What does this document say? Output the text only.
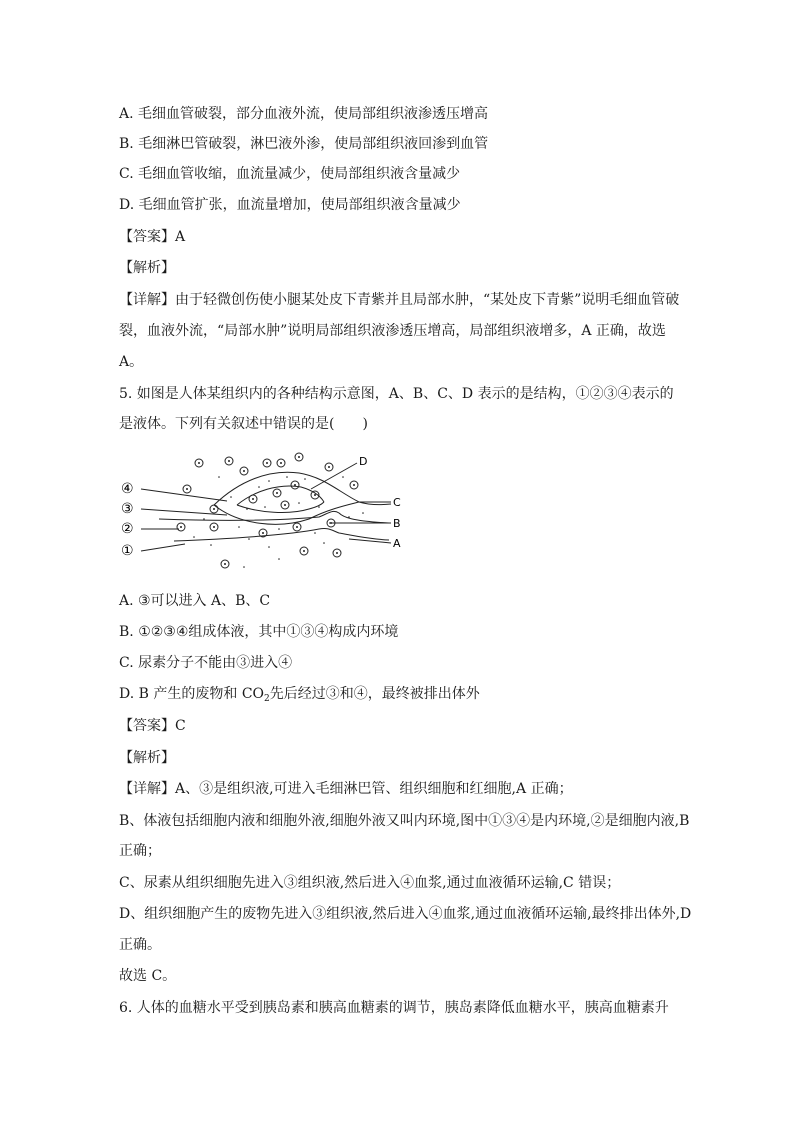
A. 毛细血管破裂，部分血液外流，使局部组织液渗透压增高
B. 毛细淋巴管破裂，淋巴液外渗，使局部组织液回渗到血管
C. 毛细血管收缩，血流量减少，使局部组织液含量减少
D. 毛细血管扩张，血流量增加，使局部组织液含量减少
【答案】A
【解析】
【详解】由于轻微创伤使小腿某处皮下青紫并且局部水肿，“某处皮下青紫”说明毛细血管破
裂，血液外流，“局部水肿”说明局部组织液渗透压增高，局部组织液增多，A 正确，故选
A。
5. 如图是人体某组织内的各种结构示意图，A、B、C、D 表示的是结构，①②③④表示的
是液体。下列有关叙述中错误的是(　　)
④
③
②
①
D
C
B
A
A. ③可以进入 A、B、C
B. ①②③④组成体液，其中①③④构成内环境
C. 尿素分子不能由③进入④
D. B 产生的废物和 $CO_2$先后经过③和④，最终被排出体外
【答案】C
【解析】
【详解】A、③是组织液,可进入毛细淋巴管、组织细胞和红细胞,A 正确；
B、体液包括细胞内液和细胞外液,细胞外液又叫内环境,图中①③④是内环境,②是细胞内液,B
正确；
C、尿素从组织细胞先进入③组织液,然后进入④血浆,通过血液循环运输,C 错误；
D、组织细胞产生的废物先进入③组织液,然后进入④血浆,通过血液循环运输,最终排出体外,D
正确。
故选 C。
6. 人体的血糖水平受到胰岛素和胰高血糖素的调节，胰岛素降低血糖水平，胰高血糖素升
